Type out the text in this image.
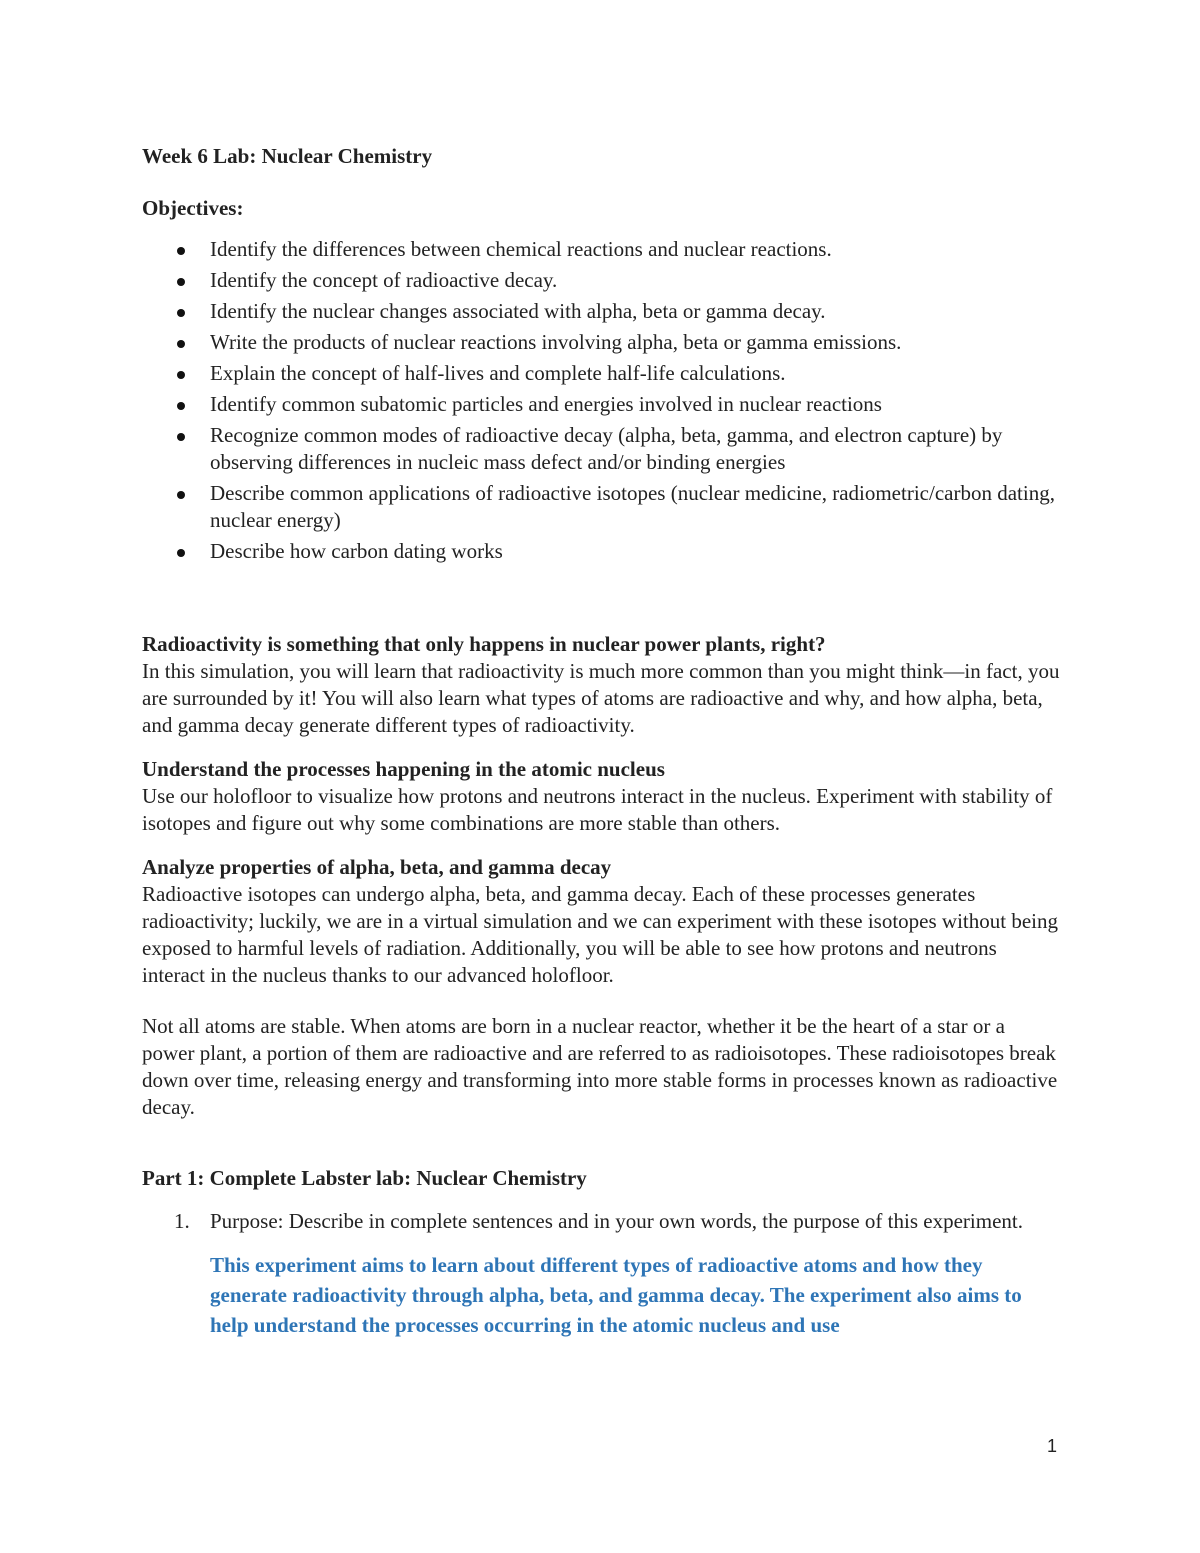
Week 6 Lab: Nuclear Chemistry

Objectives:

Identify the differences between chemical reactions and nuclear reactions.
Identify the concept of radioactive decay.
Identify the nuclear changes associated with alpha, beta or gamma decay.
Write the products of nuclear reactions involving alpha, beta or gamma emissions.
Explain the concept of half-lives and complete half-life calculations.
Identify common subatomic particles and energies involved in nuclear reactions
Recognize common modes of radioactive decay (alpha, beta, gamma, and electron capture) by observing differences in nucleic mass defect and/or binding energies
Describe common applications of radioactive isotopes (nuclear medicine, radiometric/carbon dating, nuclear energy)
Describe how carbon dating works

Radioactivity is something that only happens in nuclear power plants, right?

In this simulation, you will learn that radioactivity is much more common than you might think—in fact, you are surrounded by it! You will also learn what types of atoms are radioactive and why, and how alpha, beta, and gamma decay generate different types of radioactivity.

Understand the processes happening in the atomic nucleus

Use our holofloor to visualize how protons and neutrons interact in the nucleus. Experiment with stability of isotopes and figure out why some combinations are more stable than others.

Analyze properties of alpha, beta, and gamma decay

Radioactive isotopes can undergo alpha, beta, and gamma decay. Each of these processes generates radioactivity; luckily, we are in a virtual simulation and we can experiment with these isotopes without being exposed to harmful levels of radiation. Additionally, you will be able to see how protons and neutrons interact in the nucleus thanks to our advanced holofloor.

Not all atoms are stable. When atoms are born in a nuclear reactor, whether it be the heart of a star or a power plant, a portion of them are radioactive and are referred to as radioisotopes. These radioisotopes break down over time, releasing energy and transforming into more stable forms in processes known as radioactive decay.

Part 1: Complete Labster lab: Nuclear Chemistry

1. Purpose: Describe in complete sentences and in your own words, the purpose of this experiment.

This experiment aims to learn about different types of radioactive atoms and how they generate radioactivity through alpha, beta, and gamma decay. The experiment also aims to help understand the processes occurring in the atomic nucleus and use

1
